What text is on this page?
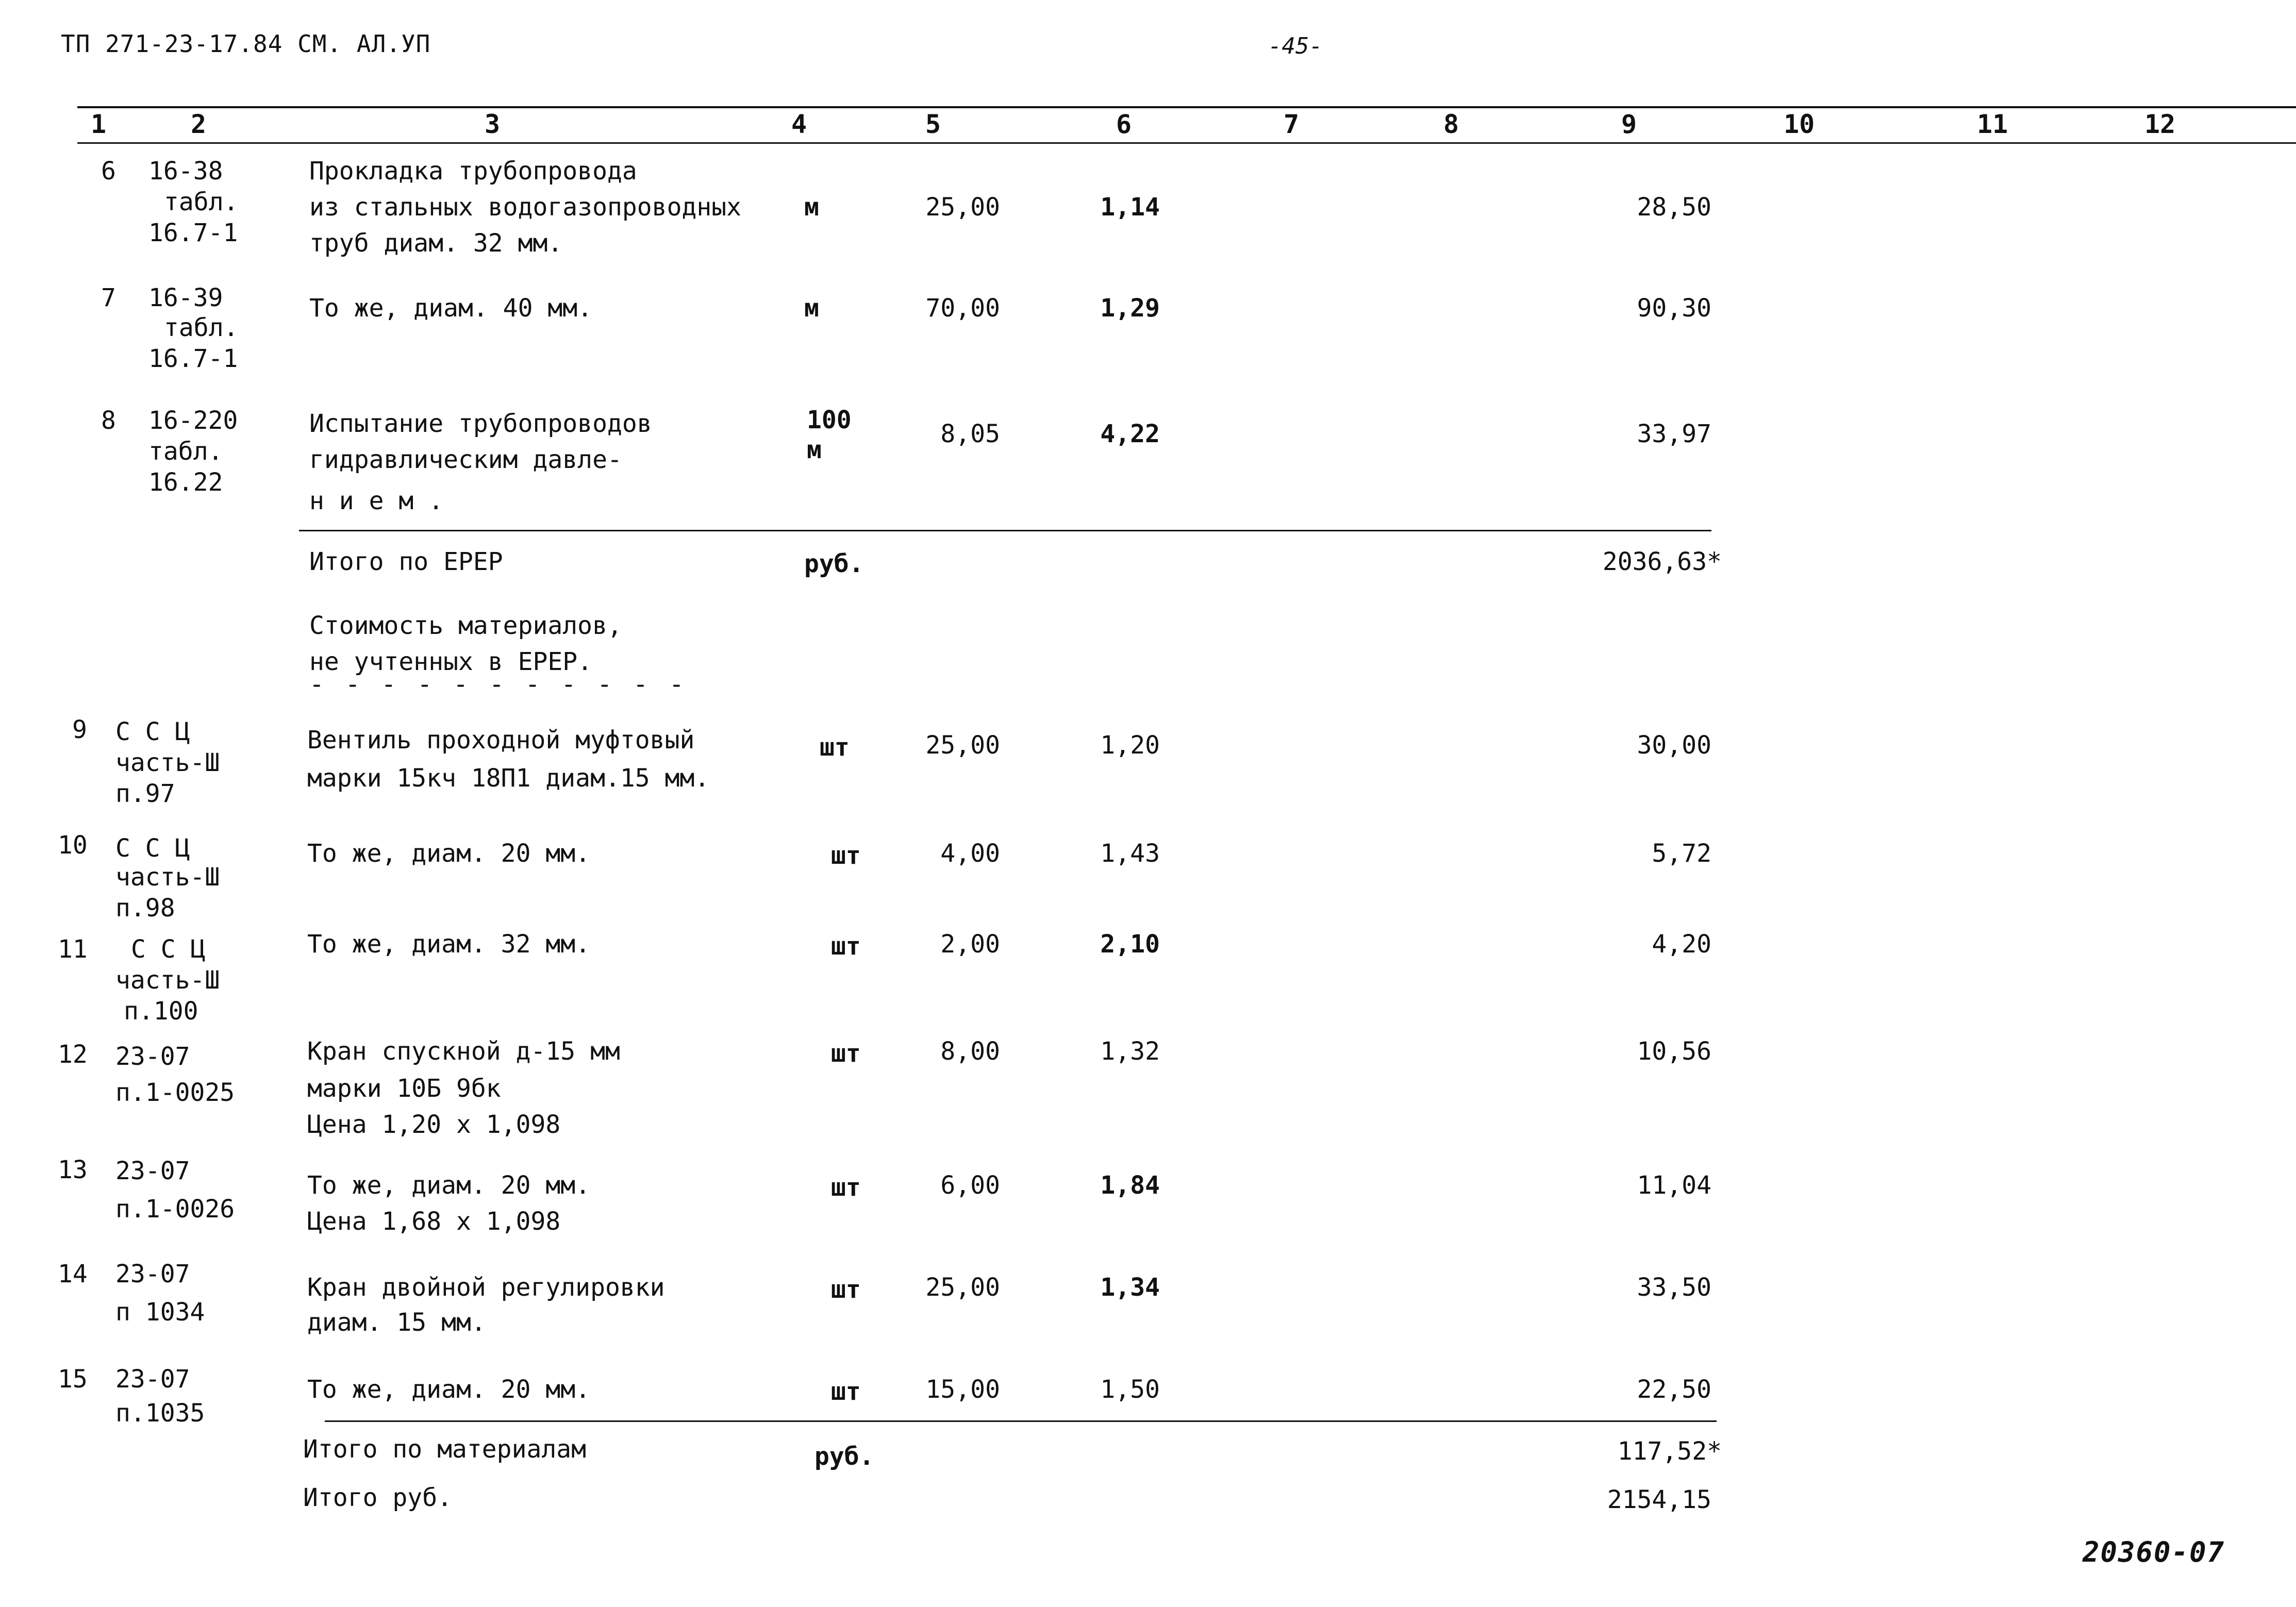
ТП 271-23-17.84 СМ. АЛ.УП	-45-
1	2	3	4	5	6	7	8	9	10	11	12
6 16-38
табл.
16.7-1
Прокладка трубопровода
из стальных водогазопроводных
труб диам. 32 мм.
м	25,00	1,14	28,50
7 16-39
табл.
16.7-1
То же, диам. 40 мм.	м	70,00	1,29	90,30
8 16-220
табл.
16.22
Испытание трубопроводов
гидравлическим давле-
н и е м .
100
м
8,05	4,22	33,97
Итого по ЕРЕР	руб.	2036,63*
Стоимость материалов,
не учтенных в ЕРЕР.
- - - - - - - - - - -
9 С С Ц
часть-Ш
п.97
Вентиль проходной муфтовый
марки 15кч 18П1 диам.15 мм.
шт	25,00	1,20	30,00
10 С С Ц
часть-Ш
п.98
То же, диам. 20 мм.	шт	4,00	1,43	5,72
11 С С Ц
часть-Ш
п.100
То же, диам. 32 мм.	шт	2,00	2,10	4,20
12 23-07
п.1-0025
Кран спускной д-15 мм
марки 10Б 9бк
Цена 1,20 х 1,098
шт	8,00	1,32	10,56
13 23-07
п.1-0026
То же, диам. 20 мм.
Цена 1,68 х 1,098
шт	6,00	1,84	11,04
14 23-07
п 1034
Кран двойной регулировки
диам. 15 мм.
шт	25,00	1,34	33,50
15 23-07
п.1035
То же, диам. 20 мм.	шт	15,00	1,50	22,50
Итого по материалам	руб.	117,52*
Итого руб.	2154,15
20360-07
